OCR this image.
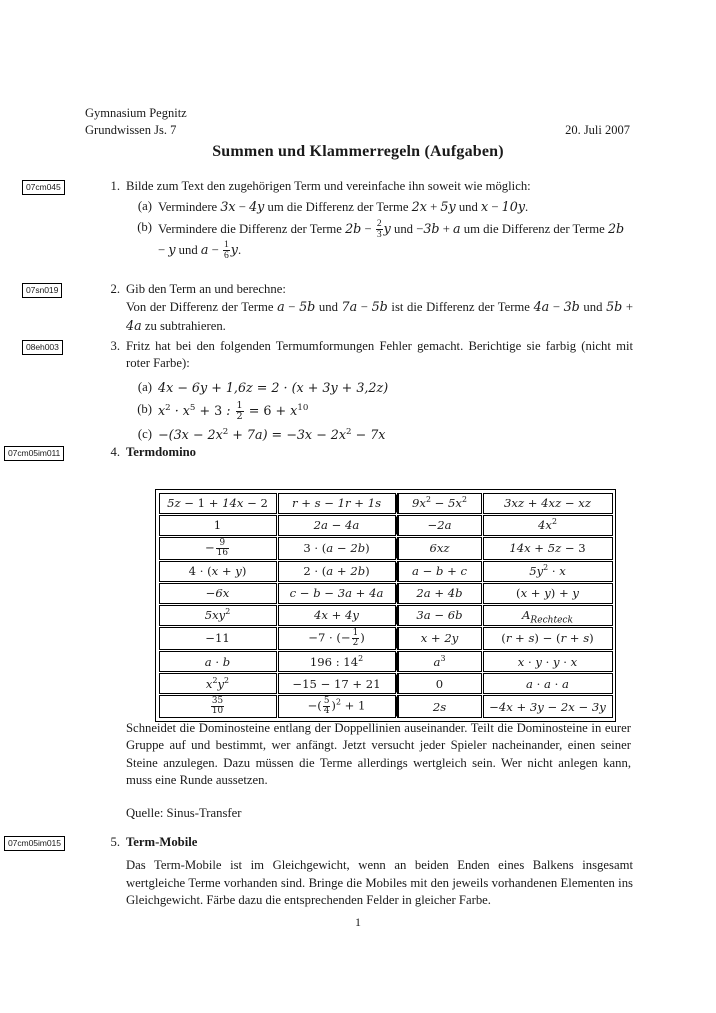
Gymnasium Pegnitz
Grundwissen Js. 7	20. Juli 2007
Summen und Klammerregeln (Aufgaben)
07cm045
07sn019
08eh003
07cm05im011
07cm05im015
1. Bilde zum Text den zugehörigen Term und vereinfache ihn soweit wie möglich:
(a) Vermindere 3x − 4y um die Differenz der Terme 2x + 5y und x − 10y.
(b) Vermindere die Differenz der Terme $2b - \frac{2}{3}$ y und −3b + a um die Differenz der Terme 2b − y und $a - \frac{1}{6} y$.
2. Gib den Term an und berechne:
Von der Differenz der Terme a − 5b und 7a − 5b ist die Differenz der Terme 4a − 3b und 5b + 4a zu subtrahieren.
3. Fritz hat bei den folgenden Termumformungen Fehler gemacht. Berichtige sie farbig (nicht mit roter Farbe):
(a) 4x − 6y + 1,6z = 2 · (x + 3y + 3,2z)
(b) $x^2 \cdot x^5 + 3$ : $\frac{1}{2} = 6 + x^{10}$
$(c) -(3x - 2x^2 + 7a) = -3x - 2x^2 - 7x$
4. Termdomino
5z − 1 + 14x − 2	r + s − 1r + 1s	$9x^2 - 5x^2$	3xz + 4xz − xz
1	2a − 4a	−2a	$4x^2$
− $\frac{9}{16}$	3 · (a − 2b)	6xz	14x + 5z − 3
4 · (x + y)	2 · (a + 2b)	a − b + c	$5y^2 \cdot x$
−6x	c − b − 3a + 4a	2a + 4b	(x + y) + y
$5xy^2$	4x + 4y	3a − 6b	$A_{Rechteck}$
−11	−7 · (− $\frac{1}{2}$ )	x + 2y	(r + s) − (r + s)
a · b	196 : $14^2$	$a^3$	x · y · y · x
$x^2y^2$	−15 − 17 + 21	0	a · a · a

$\frac{35}{10}$	−( $\frac{5}{4} )^2 + 1$	2s	−4x + 3y − 2x − 3y
Schneidet die Dominosteine entlang der Doppellinien auseinander. Teilt die Dominosteine in eurer Gruppe auf und bestimmt, wer anfängt. Jetzt versucht jeder Spieler nacheinander, einen seiner Steine anzulegen. Dazu müssen die Terme allerdings wertgleich sein. Wer nicht anlegen kann, muss eine Runde aussetzen.
Quelle: Sinus-Transfer
5. Term-Mobile
Das Term-Mobile ist im Gleichgewicht, wenn an beiden Enden eines Balkens insgesamt wertgleiche Terme vorhanden sind. Bringe die Mobiles mit den jeweils vorhandenen Elementen ins Gleichgewicht. Färbe dazu die entsprechenden Felder in gleicher Farbe.
1
